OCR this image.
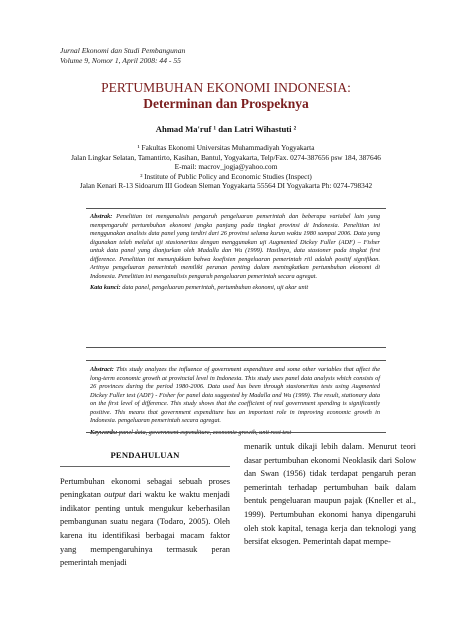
Jurnal Ekonomi dan Studi Pembangunan
Volume 9, Nomor 1, April 2008: 44 - 55
PERTUMBUHAN EKONOMI INDONESIA:
Determinan dan Prospeknya
Ahmad Ma'ruf ¹ dan Latri Wihastuti ²
¹ Fakultas Ekonomi Universitas Muhammadiyah Yogyakarta
Jalan Lingkar Selatan, Tamantirto, Kasihan, Bantul, Yogyakarta, Telp/Fax. 0274-387656 psw 184, 387646
E-mail: macrov_jogja@yahoo.com
² Institute of Public Policy and Economic Studies (Inspect)
Jalan Kenari R-13 Sidoarum III Godean Sleman Yogyakarta 55564 DI Yogyakarta Ph: 0274-798342
Abstrak: Penelitian ini menganalisis pengaruh pengeluaran pemerintah dan beberapa variabel lain yang mempengaruhi pertumbuhan ekonomi jangka panjang pada tingkat provinsi di Indonesia. Penelitian ini menggunakan analisis data panel yang terdiri dari 26 provinsi selama kurun waktu 1980 sampai 2006. Data yang digunakan telah melalui uji stasioneritas dengan menggunakan uji Augmented Dickey Fuller (ADF) – Fisher untuk data panel yang dianjurkan oleh Madalla dan Wu (1999). Hasilnya, data stasioner pada tingkat first difference. Penelitian ini menunjukkan bahwa koefisien pengeluaran pemerintah riil adalah positif signifikan. Artinya pengeluaran pemerintah memiliki peranan penting dalam meningkatkan pertumbuhan ekonomi di Indonesia. Penelitian ini menganalisis pengaruh pengeluaran pemerintah secara agregat.
Kata kunci: data panel, pengeluaran pemerintah, pertumbuhan ekonomi, uji akar unit
Abstract: This study analyzes the influence of government expenditure and some other variables that affect the long-term economic growth at provincial level in Indonesia. This study uses panel data analysis which consists of 26 provinces during the period 1980-2006. Data used has been through stasioneritas tests using Augmented Dickey Fuller test (ADF) - Fisher for panel data suggested by Madalla and Wu (1999). The result, stationary data on the first level of difference. This study shows that the coefficient of real government spending is significantly positive. This means that government expenditure has an important role in improving economic growth in Indonesia. pengeluaran pemerintah secara agregat.
Keywords: panel data, government expenditure, economic growth, unit root test
PENDAHULUAN
Pertumbuhan ekonomi sebagai sebuah proses peningkatan output dari waktu ke waktu menjadi indikator penting untuk mengukur keberhasilan pembangunan suatu negara (Todaro, 2005). Oleh karena itu identifikasi berbagai macam faktor yang mempengaruhinya termasuk peran pemerintah menjadi
menarik untuk dikaji lebih dalam. Menurut teori dasar pertumbuhan ekonomi Neoklasik dari Solow dan Swan (1956) tidak terdapat pengaruh peran pemerintah terhadap pertumbuhan baik dalam bentuk pengeluaran maupun pajak (Kneller et al., 1999). Pertumbuhan ekonomi hanya dipengaruhi oleh stok kapital, tenaga kerja dan teknologi yang bersifat eksogen. Pemerintah dapat mempe-
